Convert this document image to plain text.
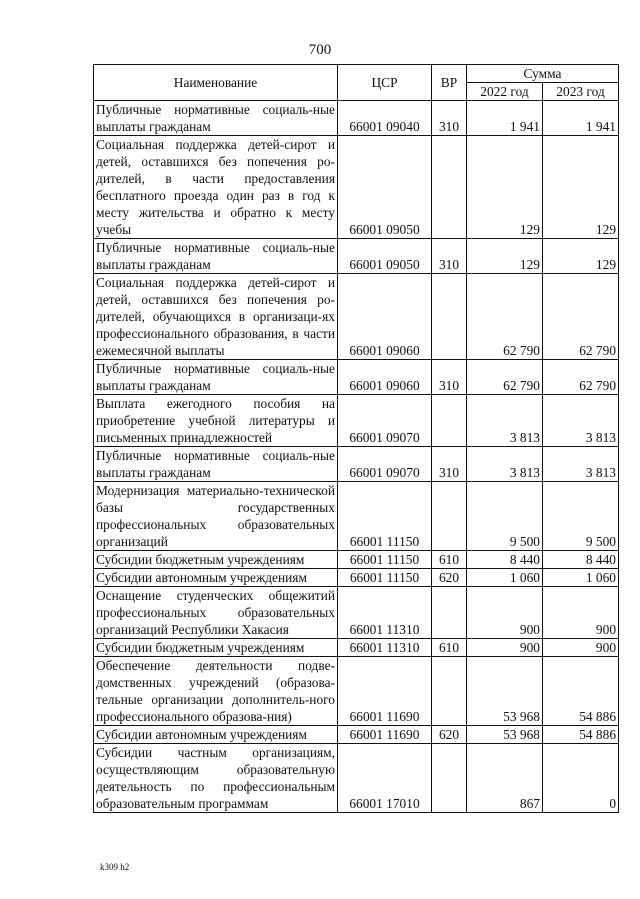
700
Наименование	ЦСР	ВР	Сумма	
			2022 год	2023 год
Публичные нормативные социаль-ные выплаты гражданам	66001 09040	310	1 941	1 941
Социальная поддержка детей-сирот и детей, оставшихся без попечения ро-дителей, в части предоставления бесплатного проезда один раз в год к месту жительства и обратно к месту учебы	66001 09050		129	129
Публичные нормативные социаль-ные выплаты гражданам	66001 09050	310	129	129
Социальная поддержка детей-сирот и детей, оставшихся без попечения ро-дителей, обучающихся в организаци-ях профессионального образования, в части ежемесячной выплаты	66001 09060		62 790	62 790
Публичные нормативные социаль-ные выплаты гражданам	66001 09060	310	62 790	62 790
Выплата ежегодного пособия на приобретение учебной литературы и письменных принадлежностей	66001 09070		3 813	3 813
Публичные нормативные социаль-ные выплаты гражданам	66001 09070	310	3 813	3 813
Модернизация материально-технической базы государственных профессиональных образовательных организаций	66001 11150		9 500	9 500
Субсидии бюджетным учреждениям	66001 11150	610	8 440	8 440
Субсидии автономным учреждениям	66001 11150	620	1 060	1 060
Оснащение студенческих общежитий профессиональных образовательных организаций Республики Хакасия	66001 11310		900	900
Субсидии бюджетным учреждениям	66001 11310	610	900	900
Обеспечение деятельности подве-домственных учреждений (образова-тельные организации дополнитель-ного профессионального образова-ния)	66001 11690		53 968	54 886
Субсидии автономным учреждениям	66001 11690	620	53 968	54 886
Субсидии частным организациям, осуществляющим образовательную деятельность по профессиональным образовательным программам	66001 17010		867	0
k309 h2
